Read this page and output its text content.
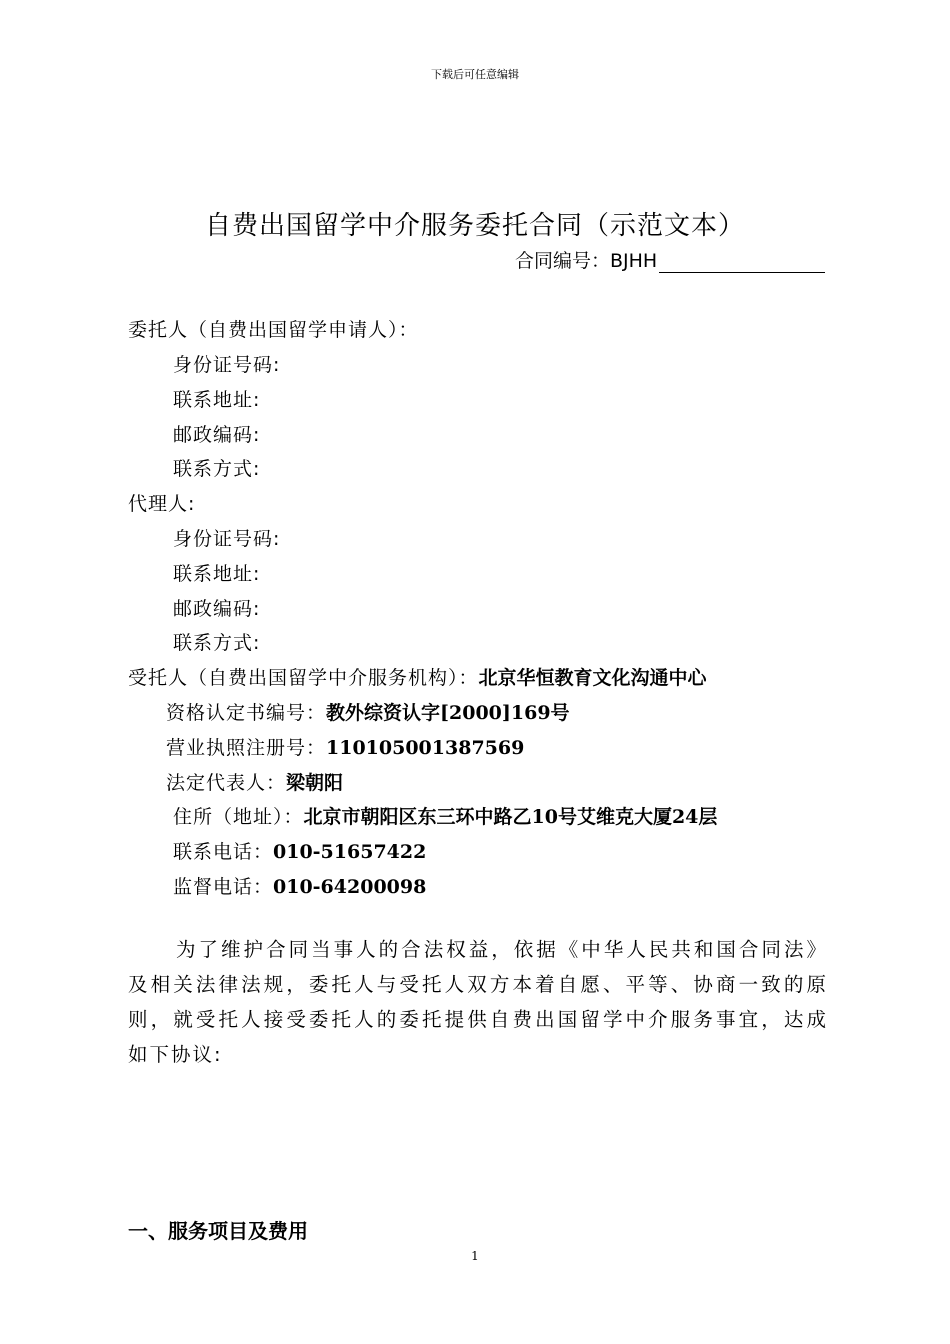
下载后可任意编辑
自费出国留学中介服务委托合同（示范文本）
合同编号：BJHH
委托人（自费出国留学申请人）：
身份证号码:
联系地址:
邮政编码:
联系方式:
代理人:
身份证号码:
联系地址:
邮政编码:
联系方式:
受托人（自费出国留学中介服务机构）：北京华恒教育文化沟通中心
资格认定书编号：教外综资认字[2000]169号
营业执照注册号：110105001387569
法定代表人：梁朝阳
住所（地址）：北京市朝阳区东三环中路乙10号艾维克大厦24层
联系电话：010-51657422
监督电话：010-64200098
为了维护合同当事人的合法权益，依据《中华人民共和国合同法》
及相关法律法规，委托人与受托人双方本着自愿、平等、协商一致的原
则，就受托人接受委托人的委托提供自费出国留学中介服务事宜，达成
如下协议:
一、服务项目及费用
1
